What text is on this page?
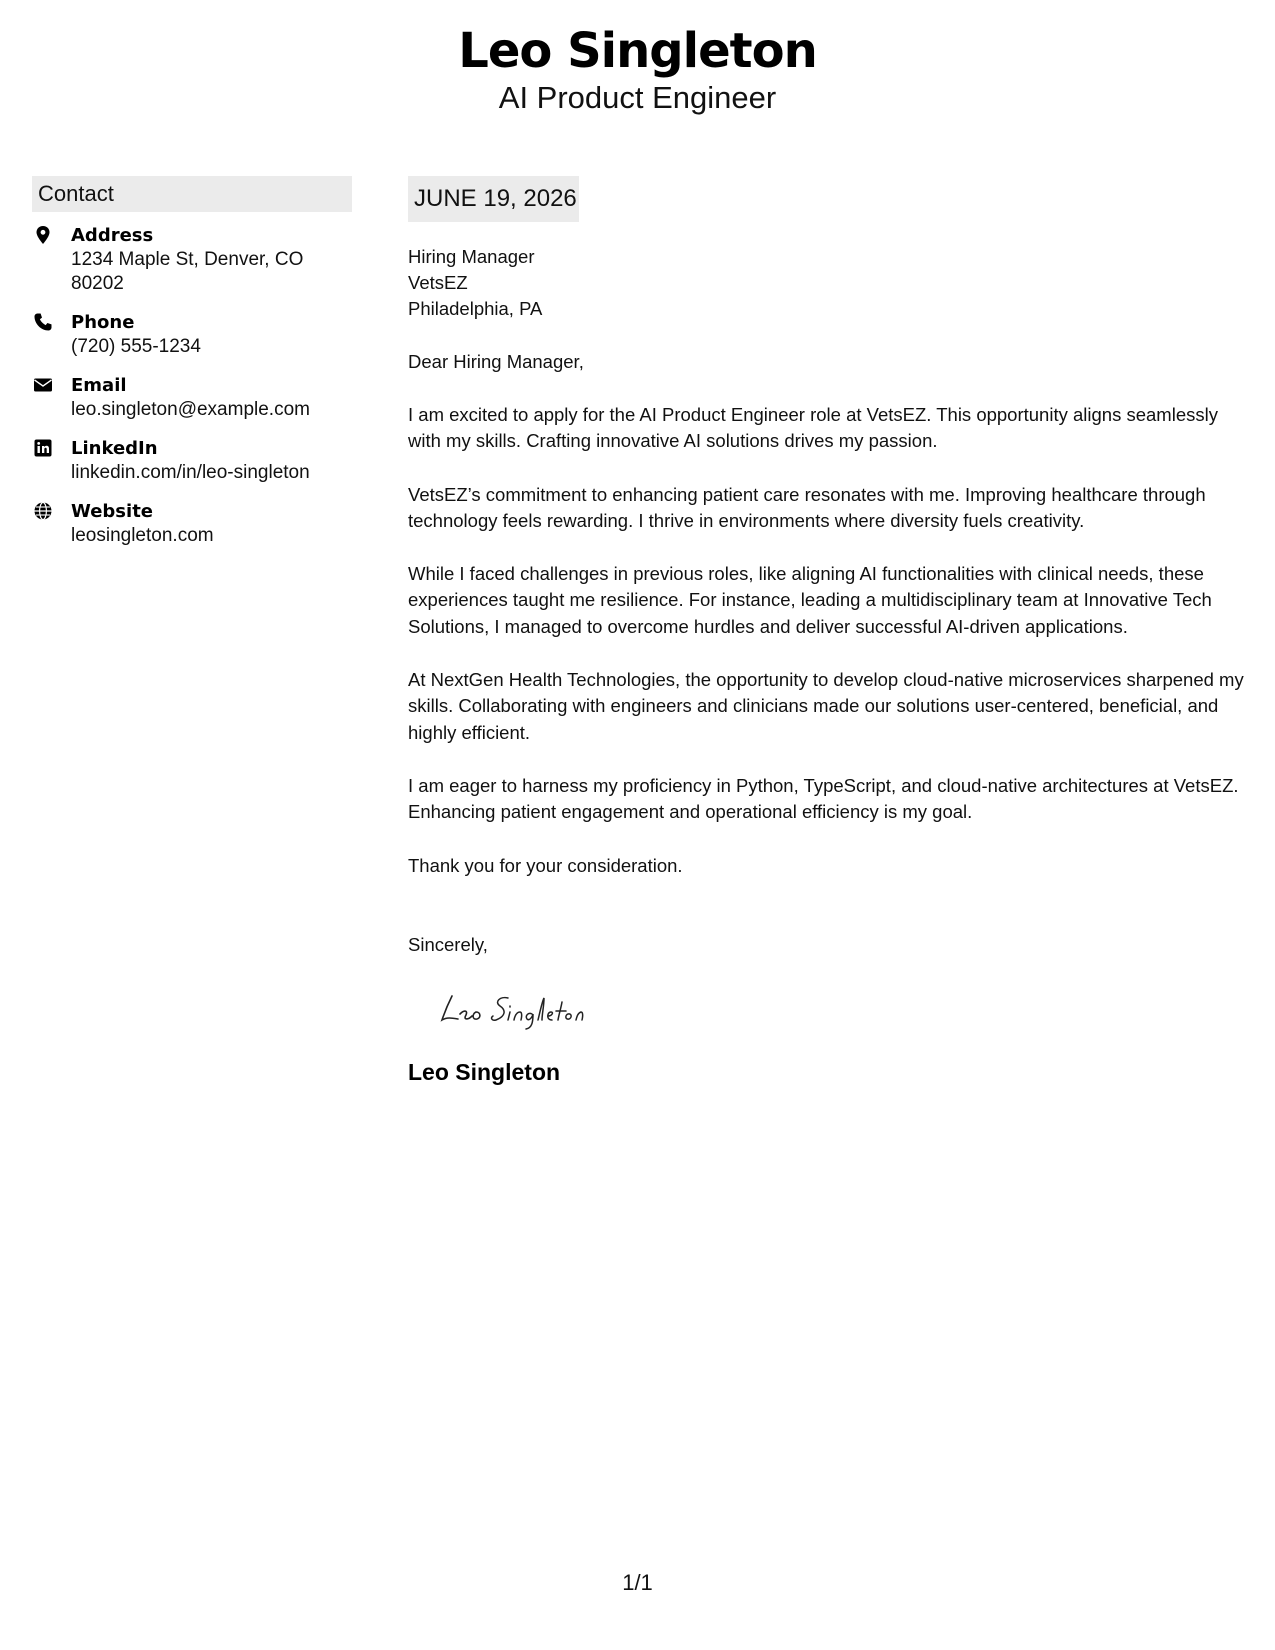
Leo Singleton
AI Product Engineer
Contact
Address
1234 Maple St, Denver, CO 80202
Phone
(720) 555-1234
Email
leo.singleton@example.com
LinkedIn
linkedin.com/in/leo-singleton
Website
leosingleton.com
JUNE 19, 2026
Hiring Manager
VetsEZ
Philadelphia, PA
Dear Hiring Manager,
I am excited to apply for the AI Product Engineer role at VetsEZ. This opportunity aligns seamlessly with my skills. Crafting innovative AI solutions drives my passion.
VetsEZ’s commitment to enhancing patient care resonates with me. Improving healthcare through technology feels rewarding. I thrive in environments where diversity fuels creativity.
While I faced challenges in previous roles, like aligning AI functionalities with clinical needs, these experiences taught me resilience. For instance, leading a multidisciplinary team at Innovative Tech Solutions, I managed to overcome hurdles and deliver successful AI-driven applications.
At NextGen Health Technologies, the opportunity to develop cloud-native microservices sharpened my skills. Collaborating with engineers and clinicians made our solutions user-centered, beneficial, and highly efficient.
I am eager to harness my proficiency in Python, TypeScript, and cloud-native architectures at VetsEZ. Enhancing patient engagement and operational efficiency is my goal.
Thank you for your consideration.
Sincerely,
Leo Singleton
1/1
